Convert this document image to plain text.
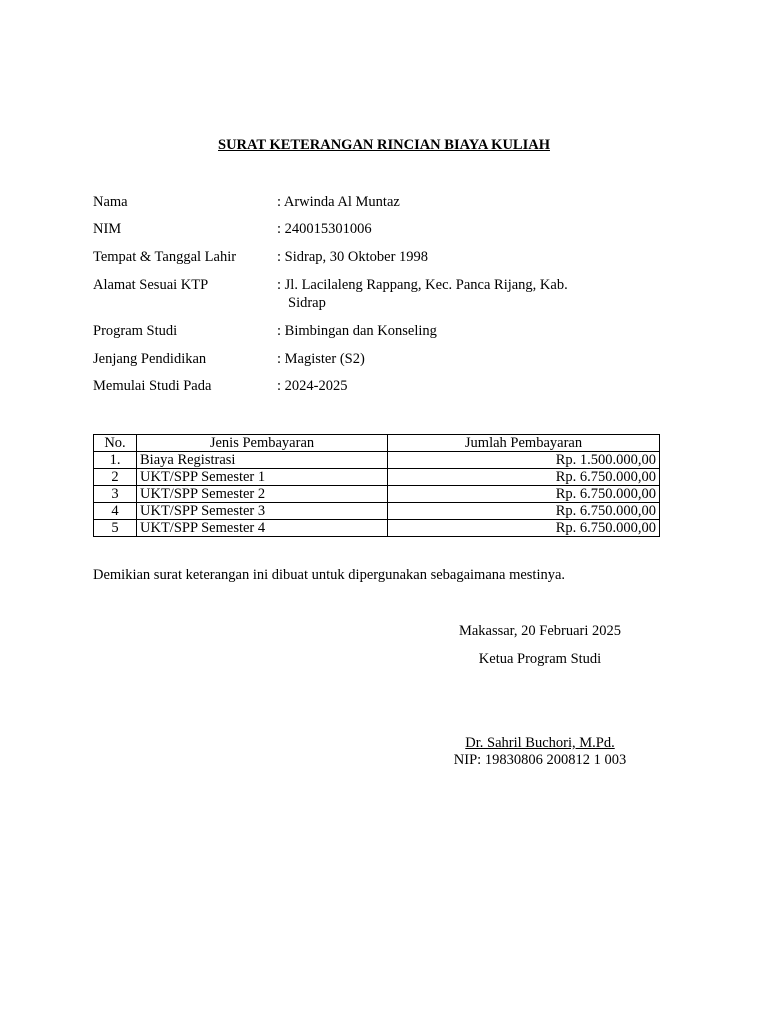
SURAT KETERANGAN RINCIAN BIAYA KULIAH
Nama	: Arwinda Al Muntaz
NIM	: 240015301006
Tempat & Tanggal Lahir	: Sidrap, 30 Oktober 1998
Alamat Sesuai KTP	: Jl. Lacilaleng Rappang, Kec. Panca Rijang, Kab.
Sidrap
Program Studi	: Bimbingan dan Konseling
Jenjang Pendidikan	: Magister (S2)
Memulai Studi Pada	: 2024-2025
No.	Jenis Pembayaran	Jumlah Pembayaran
1.	Biaya Registrasi	Rp. 1.500.000,00
2	UKT/SPP Semester 1	Rp. 6.750.000,00
3	UKT/SPP Semester 2	Rp. 6.750.000,00
4	UKT/SPP Semester 3	Rp. 6.750.000,00
5	UKT/SPP Semester 4	Rp. 6.750.000,00
Demikian surat keterangan ini dibuat untuk dipergunakan sebagaimana mestinya.
Makassar, 20 Februari 2025
Ketua Program Studi
Dr. Sahril Buchori, M.Pd.
NIP: 19830806 200812 1 003
